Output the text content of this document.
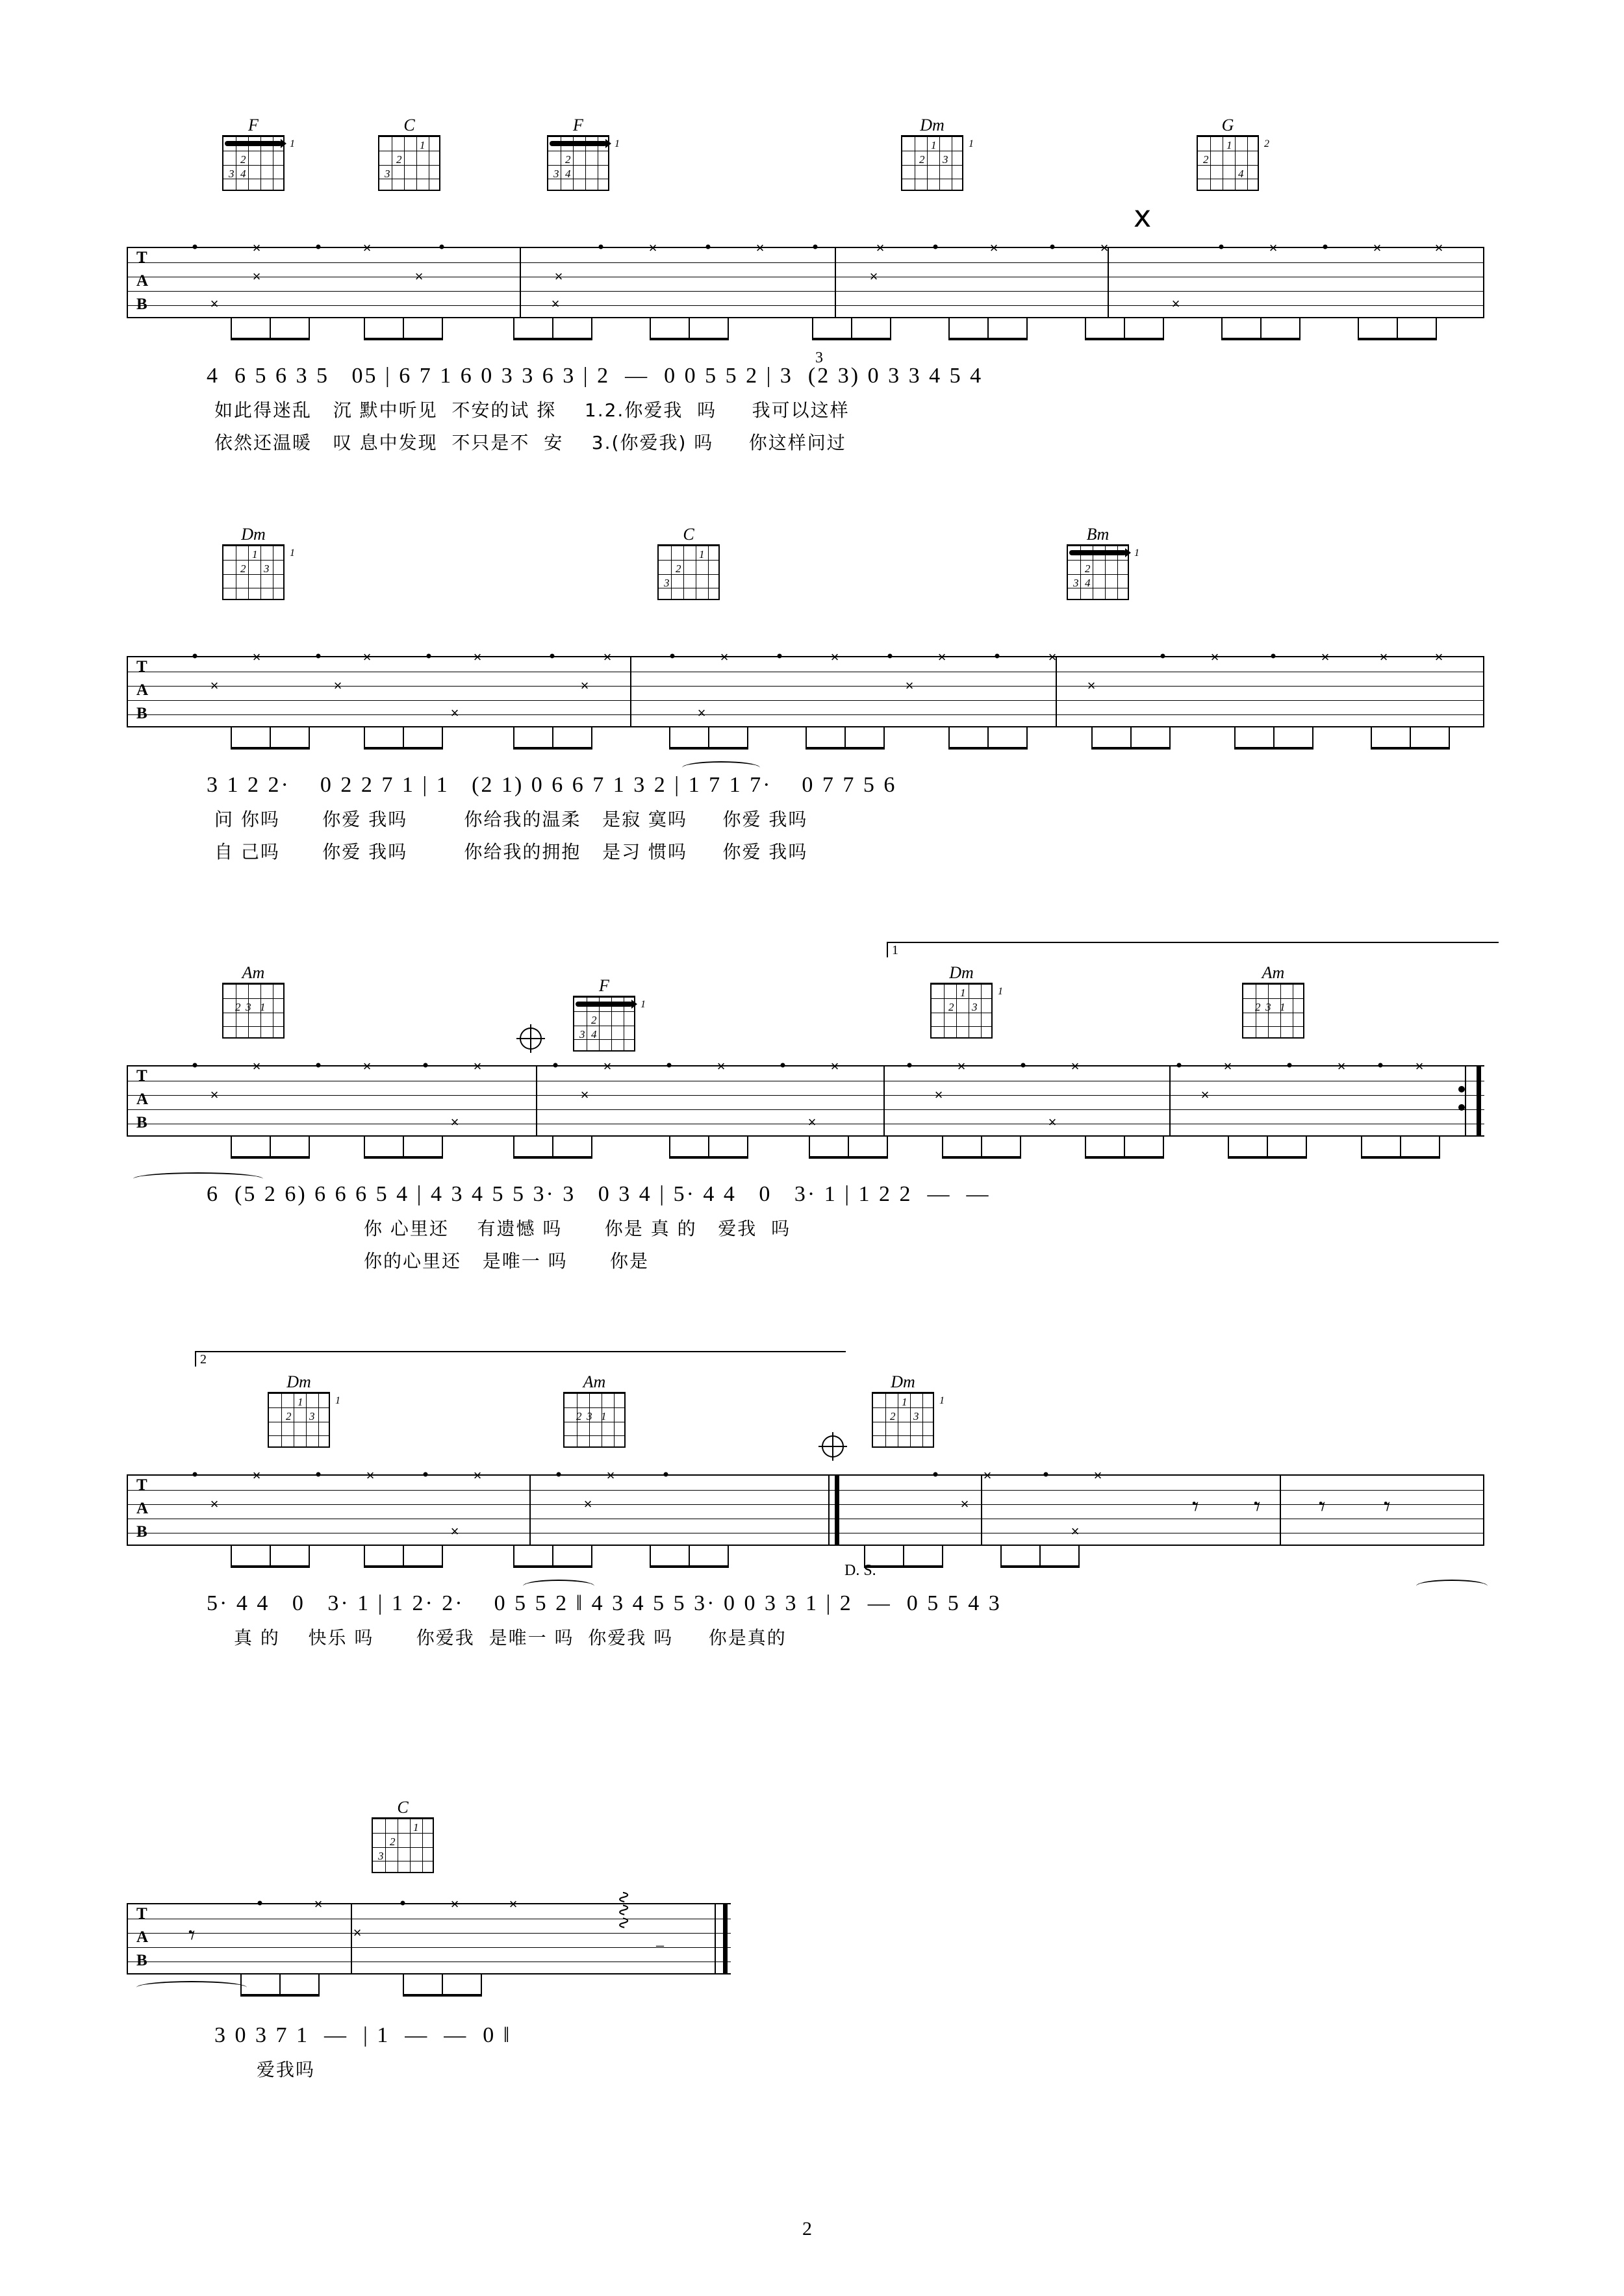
F
2
3 4
1
C
1
2
3
F
2
3 4
1
Dm
1
2 3
1
G
1
2
4
2
x
T
A
B
×	×
×	×	×
×	×
×	×	×
×
×	×
×
×	×	×
4  6 5 6 3 5   05 | 6 7 1 6 0 3 3 6 3 | 2  —  0 0 5 5 2 | 3  (2 3) 0 3 3 4 5 4
如此得迷乱   沉 默中听见  不安的试 探    1.2.你爱我  吗     我可以这样
依然还温暖   叹 息中发现  不只是不  安    3.(你爱我) 吗     你这样问过
3
Dm
1
2 3
1
C
1
2
3
Bm
2
3 4
1
T
A
B
×
×
×
×
×
×
×
×
×
×
×	×
×
×
×
×	×	×	×
3 1 2 2·    0 2 2 7 1 | 1   (2 1) 0 6 6 7 1 3 2 | 1 7 1 7·    0 7 7 5 6
问 你吗      你爱 我吗        你给我的温柔   是寂 寞吗     你爱 我吗
自 己吗      你爱 我吗        你给我的拥抱   是习 惯吗     你爱 我吗
1
Am
2 3 1
F
2
3 4
1
Dm
1
2 3
1
Am
2 3 1
T
A
B
×
×
×	×
×
×
×
×	×
×
×
×
×
×
×
×
×	×
6  (5 2 6) 6 6 6 5 4 | 4 3 4 5 5 3· 3   0 3 4 | 5· 4 4   0   3· 1 | 1 2 2  —  —
你 心里还    有遗憾 吗      你是 真 的   爱我  吗
你的心里还   是唯一 吗      你是
2
Dm
1
2 3
1
Am
2 3 1
Dm
1
2 3
1
T
A
B
×
×
×	×
×
×
×
×
×
×
×
𝄾 𝄾 𝄾 𝄾
D. S.
5· 4 4   0   3· 1 | 1 2· 2·    0 5 5 2 ‖ 4 3 4 5 5 3· 0 0 3 3 1 | 2  —  0 5 5 4 3
真 的    快乐 吗      你爱我  是唯一 吗  你爱我 吗     你是真的
C
1
2
3
T
A
B
𝄾
×
×
×
×	∿∿∿
–
3 0 3 7 1  —  | 1  —  —  0 ‖
爱我吗
2
